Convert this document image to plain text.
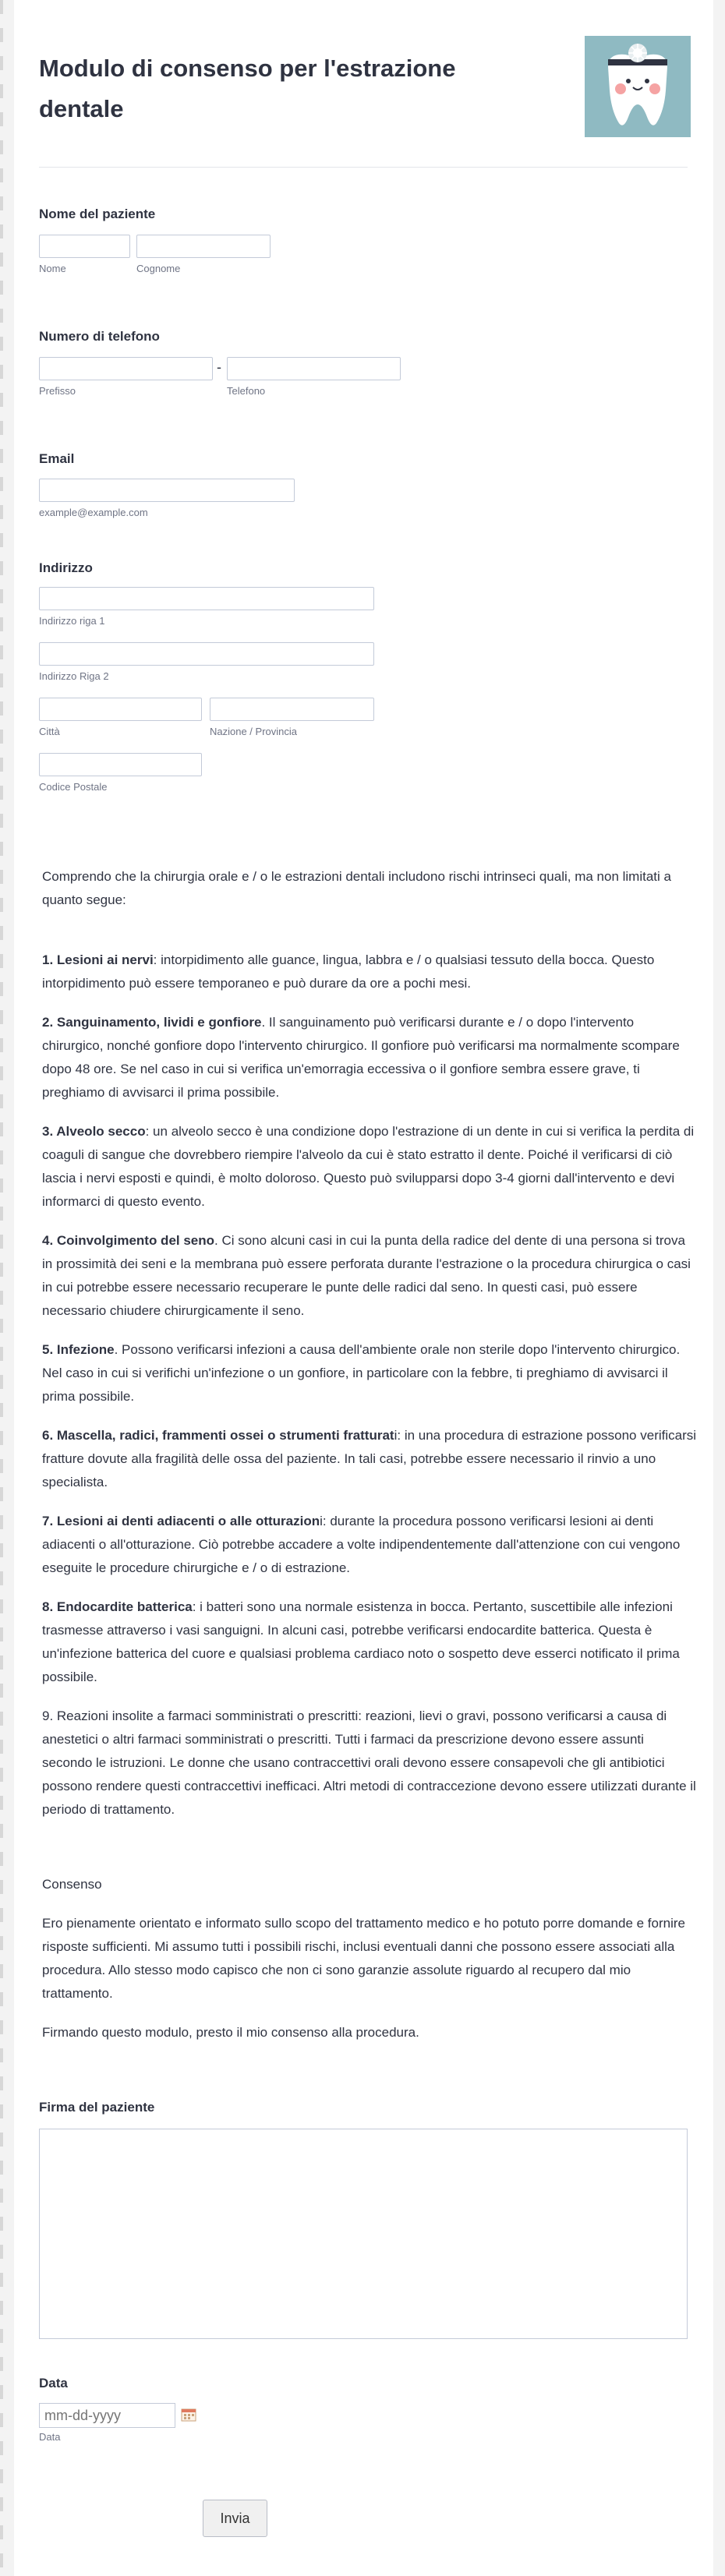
Modulo di consenso per l'estrazione dentale
Nome del paziente
Nome	Cognome
Numero di telefono
-
Prefisso	Telefono
Email
example@example.com
Indirizzo
Indirizzo riga 1
Indirizzo Riga 2
Città	Nazione / Provincia
Codice Postale
Comprendo che la chirurgia orale e / o le estrazioni dentali includono rischi intrinseci quali, ma non limitati a quanto segue:
1. Lesioni ai nervi: intorpidimento alle guance, lingua, labbra e / o qualsiasi tessuto della bocca. Questo intorpidimento può essere temporaneo e può durare da ore a pochi mesi.
2. Sanguinamento, lividi e gonfiore. Il sanguinamento può verificarsi durante e / o dopo l'intervento chirurgico, nonché gonfiore dopo l'intervento chirurgico. Il gonfiore può verificarsi ma normalmente scompare dopo 48 ore. Se nel caso in cui si verifica un'emorragia eccessiva o il gonfiore sembra essere grave, ti preghiamo di avvisarci il prima possibile.
3. Alveolo secco: un alveolo secco è una condizione dopo l'estrazione di un dente in cui si verifica la perdita di coaguli di sangue che dovrebbero riempire l'alveolo da cui è stato estratto il dente. Poiché il verificarsi di ciò lascia i nervi esposti e quindi, è molto doloroso. Questo può svilupparsi dopo 3-4 giorni dall'intervento e devi informarci di questo evento.
4. Coinvolgimento del seno. Ci sono alcuni casi in cui la punta della radice del dente di una persona si trova in prossimità dei seni e la membrana può essere perforata durante l'estrazione o la procedura chirurgica o casi in cui potrebbe essere necessario recuperare le punte delle radici dal seno. In questi casi, può essere necessario chiudere chirurgicamente il seno.
5. Infezione. Possono verificarsi infezioni a causa dell'ambiente orale non sterile dopo l'intervento chirurgico. Nel caso in cui si verifichi un'infezione o un gonfiore, in particolare con la febbre, ti preghiamo di avvisarci il prima possibile.
6. Mascella, radici, frammenti ossei o strumenti fratturati: in una procedura di estrazione possono verificarsi fratture dovute alla fragilità delle ossa del paziente. In tali casi, potrebbe essere necessario il rinvio a uno specialista.
7. Lesioni ai denti adiacenti o alle otturazioni: durante la procedura possono verificarsi lesioni ai denti adiacenti o all'otturazione. Ciò potrebbe accadere a volte indipendentemente dall'attenzione con cui vengono eseguite le procedure chirurgiche e / o di estrazione.
8. Endocardite batterica: i batteri sono una normale esistenza in bocca. Pertanto, suscettibile alle infezioni trasmesse attraverso i vasi sanguigni. In alcuni casi, potrebbe verificarsi endocardite batterica. Questa è un'infezione batterica del cuore e qualsiasi problema cardiaco noto o sospetto deve esserci notificato il prima possibile.
9. Reazioni insolite a farmaci somministrati o prescritti: reazioni, lievi o gravi, possono verificarsi a causa di anestetici o altri farmaci somministrati o prescritti. Tutti i farmaci da prescrizione devono essere assunti secondo le istruzioni. Le donne che usano contraccettivi orali devono essere consapevoli che gli antibiotici possono rendere questi contraccettivi inefficaci. Altri metodi di contraccezione devono essere utilizzati durante il periodo di trattamento.
Consenso
Ero pienamente orientato e informato sullo scopo del trattamento medico e ho potuto porre domande e fornire risposte sufficienti. Mi assumo tutti i possibili rischi, inclusi eventuali danni che possono essere associati alla procedura. Allo stesso modo capisco che non ci sono garanzie assolute riguardo al recupero dal mio trattamento.
Firmando questo modulo, presto il mio consenso alla procedura.
Firma del paziente
Data
mm-dd-yyyy
Data
Invia
